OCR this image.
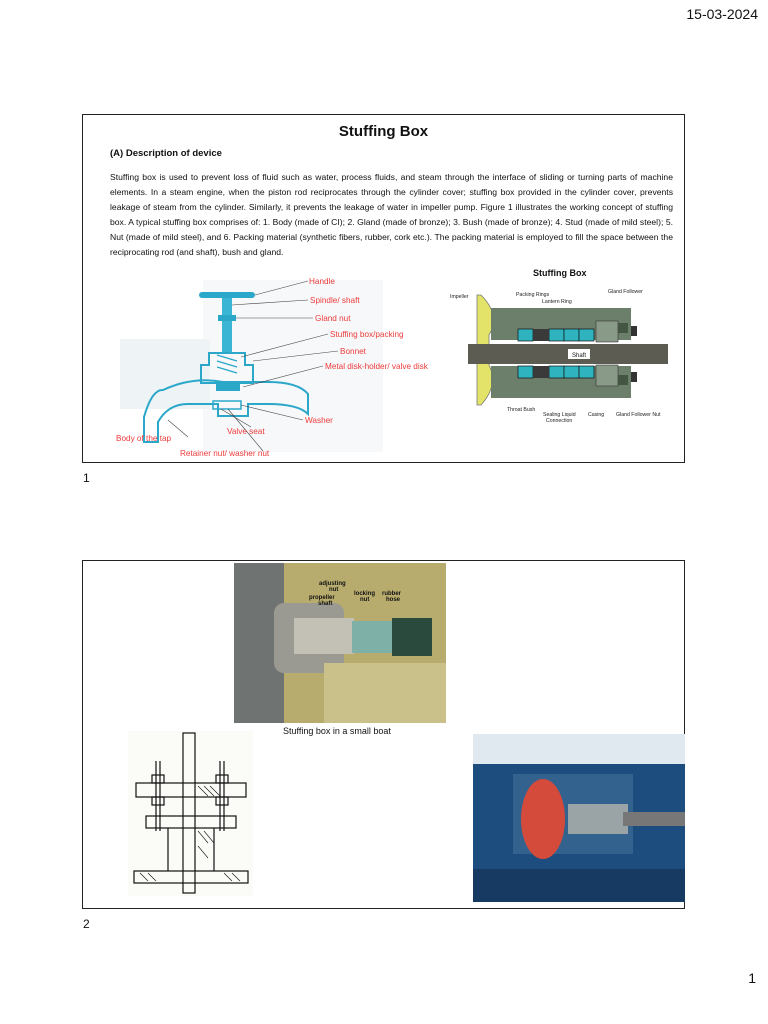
15-03-2024
Stuffing Box
(A) Description of device
Stuffing box is used to prevent loss of fluid such as water, process fluids, and steam through the interface of sliding or turning parts of machine elements. In a steam engine, when the piston rod reciprocates through the cylinder cover; stuffing box provided in the cylinder cover, prevents leakage of steam from the cylinder. Similarly, it prevents the leakage of water in impeller pump. Figure 1 illustrates the working concept of stuffing box. A typical stuffing box comprises of: 1. Body (made of CI); 2. Gland (made of bronze); 3. Bush (made of bronze); 4. Stud (made of mild steel); 5. Nut (made of mild steel), and 6. Packing material (synthetic fibers, rubber, cork etc.). The packing material is employed to fill the space between the reciprocating rod (and shaft), bush and gland.
Handle
Spindle/ shaft
Gland nut
Stuffing box/packing
Bonnet
Metal disk-holder/ valve disk
Washer
Valve seat
Body of the tap
Retainer nut/ washer nut
Stuffing Box
Shaft
Impeller	Packing Rings
Lantern Ring
Gland Follower
Throat Bush
Sealing Liquid
Connection
Casing Gland Follower Nut
1
adjusting
nut
propeller
shaft
locking
nut
rubber
hose
Stuffing box in a small boat
2
1
